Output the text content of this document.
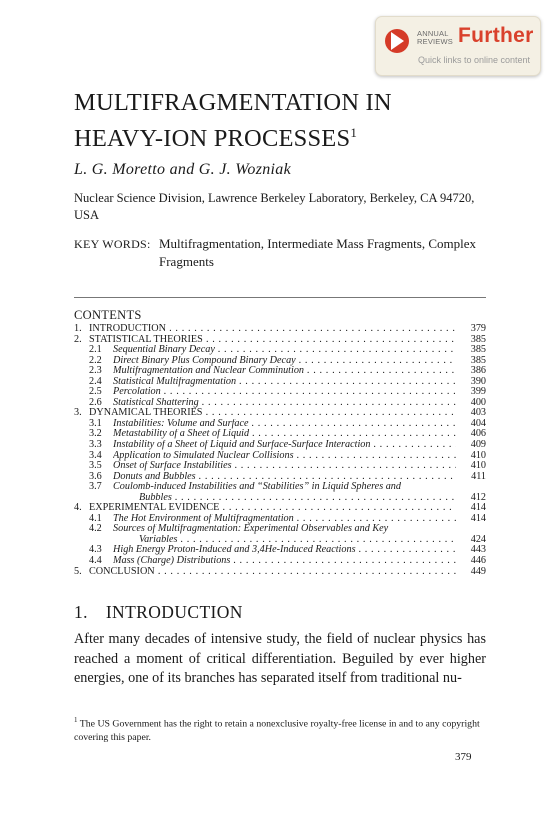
ANNUAL
REVIEWS Further
Quick links to online content
MULTIFRAGMENTATION IN
HEAVY-ION PROCESSES$^1$
L. G. Moretto and G. J. Wozniak
Nuclear Science Division, Lawrence Berkeley Laboratory, Berkeley, CA 94720, USA
KEY WORDS: Multifragmentation, Intermediate Mass Fragments, Complex Fragments
CONTENTS
1. INTRODUCTION . . .	379
2. STATISTICAL THEORIES . . .	385
2.1 Sequential Binary Decay . . .	385
2.2 Direct Binary Plus Compound Binary Decay . . .	385
2.3 Multifragmentation and Nuclear Comminution . . .	386
2.4 Statistical Multifragmentation . . .	390
2.5 Percolation . . .	399
2.6 Statistical Shattering . . .	400
3. DYNAMICAL THEORIES . . .	403
3.1 Instabilities: Volume and Surface . . .	404
3.2 Metastability of a Sheet of Liquid . . .	406
3.3 Instability of a Sheet of Liquid and Surface-Surface Interaction . . .	409
3.4 Application to Simulated Nuclear Collisions . . .	410
3.5 Onset of Surface Instabilities . . .	410
3.6 Donuts and Bubbles . . .	411
3.7 Coulomb-induced Instabilities and “Stabilities” in Liquid Spheres and
Bubbles . . .	412
4. EXPERIMENTAL EVIDENCE . . .	414
4.1 The Hot Environment of Multifragmentation . . .	414
4.2 Sources of Multifragmentation: Experimental Observables and Key
Variables . . .	424
4.3 High Energy Proton-Induced and 3,4He-Induced Reactions . . .	443
4.4 Mass (Charge) Distributions . . .	446
5. CONCLUSION . . .	449
1. INTRODUCTION
After many decades of intensive study, the field of nuclear physics has reached a moment of critical differentiation. Beguiled by ever higher energies, one of its branches has separated itself from traditional nu-
$^1$ The US Government has the right to retain a nonexclusive royalty-free license in and to any copyright covering this paper.
379
